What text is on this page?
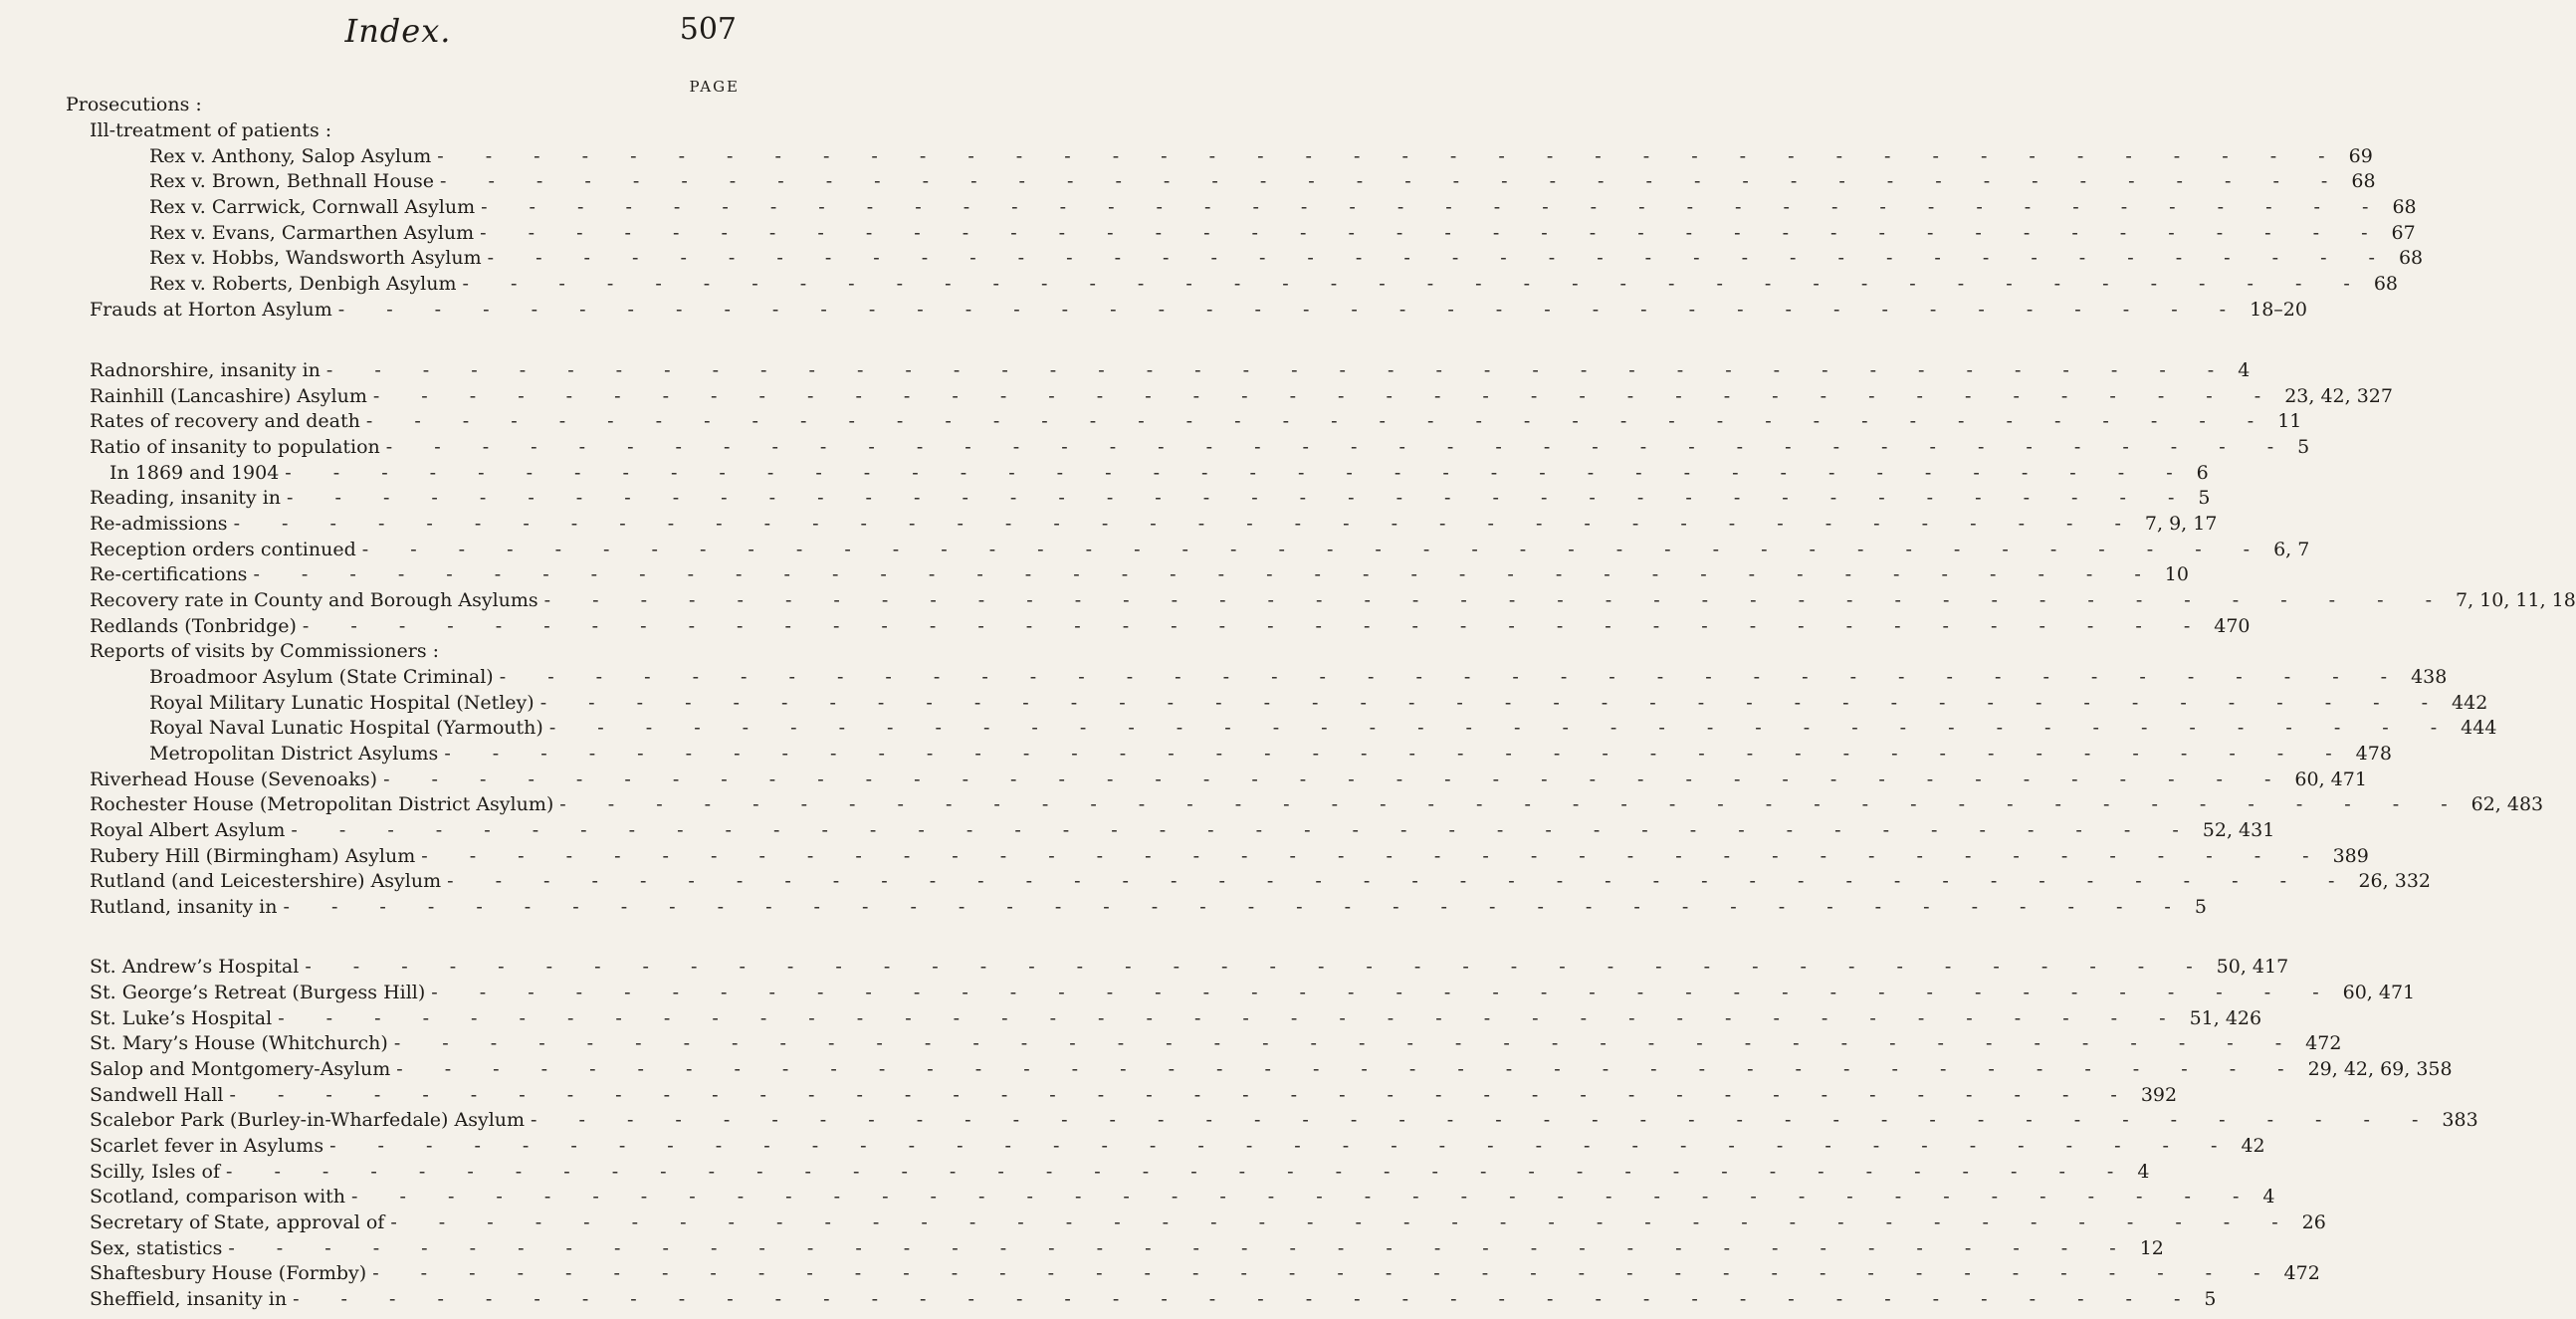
Index.	507
PAGE
Prosecutions :
Ill-treatment of patients :
Rex v. Anthony, Salop Asylum - - - - - - - - - - - - - - - - - - - - - - - - - - - - - - - - - - - - - - - - 69
Rex v. Brown, Bethnall House - - - - - - - - - - - - - - - - - - - - - - - - - - - - - - - - - - - - - - - - 68
Rex v. Carrwick, Cornwall Asylum - - - - - - - - - - - - - - - - - - - - - - - - - - - - - - - - - - - - - - - - 68
Rex v. Evans, Carmarthen Asylum - - - - - - - - - - - - - - - - - - - - - - - - - - - - - - - - - - - - - - - - 67
Rex v. Hobbs, Wandsworth Asylum - - - - - - - - - - - - - - - - - - - - - - - - - - - - - - - - - - - - - - - - 68
Rex v. Roberts, Denbigh Asylum - - - - - - - - - - - - - - - - - - - - - - - - - - - - - - - - - - - - - - - - 68
Frauds at Horton Asylum - - - - - - - - - - - - - - - - - - - - - - - - - - - - - - - - - - - - - - - - 18–20
Radnorshire, insanity in - - - - - - - - - - - - - - - - - - - - - - - - - - - - - - - - - - - - - - - - 4
Rainhill (Lancashire) Asylum - - - - - - - - - - - - - - - - - - - - - - - - - - - - - - - - - - - - - - - - 23, 42, 327
Rates of recovery and death - - - - - - - - - - - - - - - - - - - - - - - - - - - - - - - - - - - - - - - - 11
Ratio of insanity to population - - - - - - - - - - - - - - - - - - - - - - - - - - - - - - - - - - - - - - - - 5
In 1869 and 1904 - - - - - - - - - - - - - - - - - - - - - - - - - - - - - - - - - - - - - - - - 6
Reading, insanity in - - - - - - - - - - - - - - - - - - - - - - - - - - - - - - - - - - - - - - - - 5
Re-admissions - - - - - - - - - - - - - - - - - - - - - - - - - - - - - - - - - - - - - - - - 7, 9, 17
Reception orders continued - - - - - - - - - - - - - - - - - - - - - - - - - - - - - - - - - - - - - - - - 6, 7
Re-certifications - - - - - - - - - - - - - - - - - - - - - - - - - - - - - - - - - - - - - - - - 10
Recovery rate in County and Borough Asylums - - - - - - - - - - - - - - - - - - - - - - - - - - - - - - - - - - - - - - - - 7, 10, 11, 18
Redlands (Tonbridge) - - - - - - - - - - - - - - - - - - - - - - - - - - - - - - - - - - - - - - - - 470
Reports of visits by Commissioners :
Broadmoor Asylum (State Criminal) - - - - - - - - - - - - - - - - - - - - - - - - - - - - - - - - - - - - - - - - 438
Royal Military Lunatic Hospital (Netley) - - - - - - - - - - - - - - - - - - - - - - - - - - - - - - - - - - - - - - - - 442
Royal Naval Lunatic Hospital (Yarmouth) - - - - - - - - - - - - - - - - - - - - - - - - - - - - - - - - - - - - - - - - 444
Metropolitan District Asylums - - - - - - - - - - - - - - - - - - - - - - - - - - - - - - - - - - - - - - - - 478
Riverhead House (Sevenoaks) - - - - - - - - - - - - - - - - - - - - - - - - - - - - - - - - - - - - - - - - 60, 471
Rochester House (Metropolitan District Asylum) - - - - - - - - - - - - - - - - - - - - - - - - - - - - - - - - - - - - - - - - 62, 483
Royal Albert Asylum - - - - - - - - - - - - - - - - - - - - - - - - - - - - - - - - - - - - - - - - 52, 431
Rubery Hill (Birmingham) Asylum - - - - - - - - - - - - - - - - - - - - - - - - - - - - - - - - - - - - - - - - 389
Rutland (and Leicestershire) Asylum - - - - - - - - - - - - - - - - - - - - - - - - - - - - - - - - - - - - - - - - 26, 332
Rutland, insanity in - - - - - - - - - - - - - - - - - - - - - - - - - - - - - - - - - - - - - - - - 5
St. Andrew’s Hospital - - - - - - - - - - - - - - - - - - - - - - - - - - - - - - - - - - - - - - - - 50, 417
St. George’s Retreat (Burgess Hill) - - - - - - - - - - - - - - - - - - - - - - - - - - - - - - - - - - - - - - - - 60, 471
St. Luke’s Hospital - - - - - - - - - - - - - - - - - - - - - - - - - - - - - - - - - - - - - - - - 51, 426
St. Mary’s House (Whitchurch) - - - - - - - - - - - - - - - - - - - - - - - - - - - - - - - - - - - - - - - - 472
Salop and Montgomery-Asylum - - - - - - - - - - - - - - - - - - - - - - - - - - - - - - - - - - - - - - - - 29, 42, 69, 358
Sandwell Hall - - - - - - - - - - - - - - - - - - - - - - - - - - - - - - - - - - - - - - - - 392
Scalebor Park (Burley-in-Wharfedale) Asylum - - - - - - - - - - - - - - - - - - - - - - - - - - - - - - - - - - - - - - - - 383
Scarlet fever in Asylums - - - - - - - - - - - - - - - - - - - - - - - - - - - - - - - - - - - - - - - - 42
Scilly, Isles of - - - - - - - - - - - - - - - - - - - - - - - - - - - - - - - - - - - - - - - - 4
Scotland, comparison with - - - - - - - - - - - - - - - - - - - - - - - - - - - - - - - - - - - - - - - - 4
Secretary of State, approval of - - - - - - - - - - - - - - - - - - - - - - - - - - - - - - - - - - - - - - - - 26
Sex, statistics - - - - - - - - - - - - - - - - - - - - - - - - - - - - - - - - - - - - - - - - 12
Shaftesbury House (Formby) - - - - - - - - - - - - - - - - - - - - - - - - - - - - - - - - - - - - - - - - 472
Sheffield, insanity in - - - - - - - - - - - - - - - - - - - - - - - - - - - - - - - - - - - - - - - - 5
